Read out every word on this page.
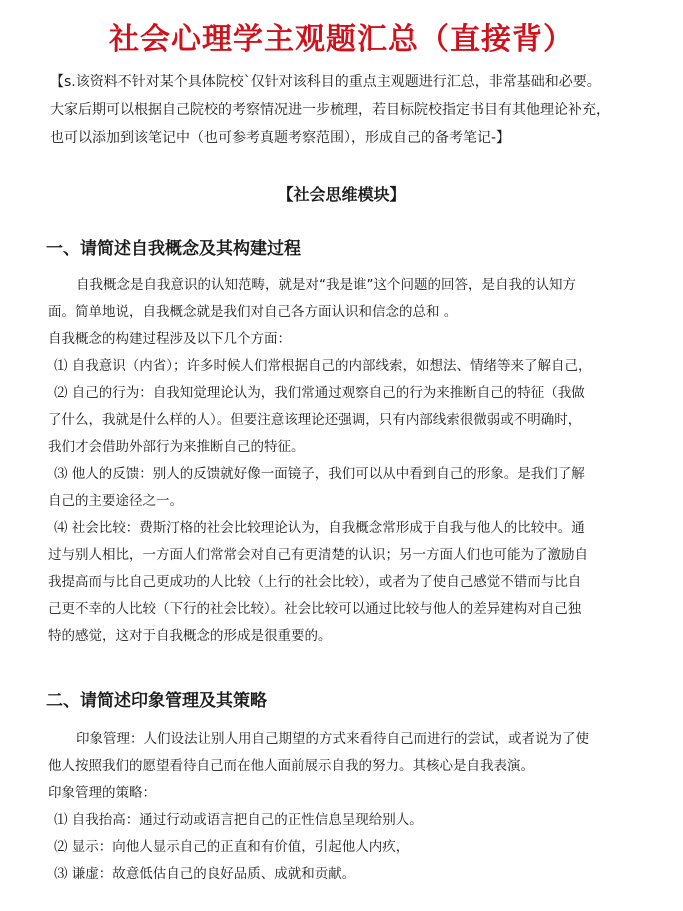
社会心理学主观题汇总（直接背）
【s.该资料不针对某个具体院校`仅针对该科目的重点主观题进行汇总，非常基础和必要。
大家后期可以根据自己院校的考察情况进一步梳理，若目标院校指定书目有其他理论补充，
也可以添加到该笔记中（也可参考真题考察范围），形成自己的备考笔记-】
【社会思维模块】
一、请简述自我概念及其构建过程
自我概念是自我意识的认知范畴，就是对“我是谁”这个问题的回答，是自我的认知方
面。简单地说，自我概念就是我们对自己各方面认识和信念的总和 。
自我概念的构建过程涉及以下几个方面：
⑴ 自我意识（内省）；许多时候人们常根据自己的内部线索，如想法、情绪等来了解自己，
⑵ 自己的行为：自我知觉理论认为，我们常通过观察自己的行为来推断自己的特征（我做
了什么，我就是什么样的人）。但要注意该理论还强调，只有内部线索很微弱或不明确时，
我们才会借助外部行为来推断自己的特征。
⑶ 他人的反馈：别人的反馈就好像一面镜子，我们可以从中看到自己的形象。是我们了解
自己的主要途径之一。
⑷ 社会比较：费斯汀格的社会比较理论认为，自我概念常形成于自我与他人的比较中。通
过与别人相比，一方面人们常常会对自己有更清楚的认识；另一方面人们也可能为了激励自
我提高而与比自己更成功的人比较（上行的社会比较），或者为了使自己感觉不错而与比自
己更不幸的人比较（下行的社会比较）。社会比较可以通过比较与他人的差异建构对自己独
特的感觉，这对于自我概念的形成是很重要的。
二、请简述印象管理及其策略
印象管理：人们设法让别人用自己期望的方式来看待自己而进行的尝试，或者说为了使
他人按照我们的愿望看待自己而在他人面前展示自我的努力。其核心是自我表演。
印象管理的策略：
⑴ 自我抬高：通过行动或语言把自己的正性信息呈现给别人。
⑵ 显示：向他人显示自己的正直和有价值，引起他人内疚，
⑶ 谦虚：故意低估自己的良好品质、成就和贡献。
